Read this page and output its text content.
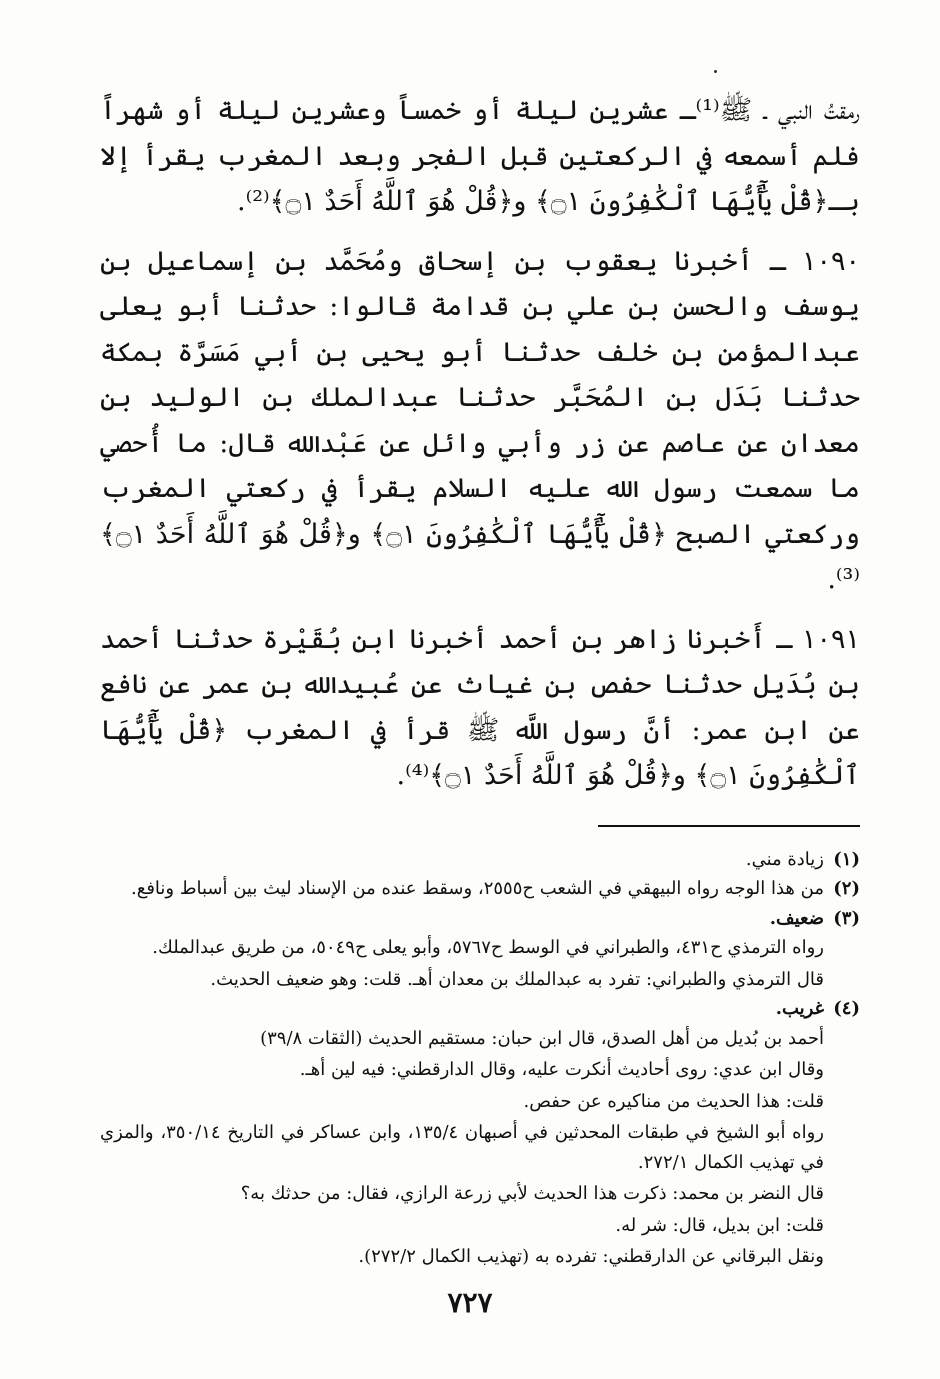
رمقتُ النبي ـ ﷺ⁽¹⁾ـ عشرين ليلة أو خمساً وعشرين ليلة أو شهراً فلم أسمعه في الركعتين قبل الفجر وبعد المغرب يقرأ إلا بـ﴿قُلْ يَٰٓأَيُّهَا ٱلْكَٰفِرُونَ ۝١﴾ و﴿قُلْ هُوَ ٱللَّهُ أَحَدٌ ۝١﴾⁽²⁾.

١٠٩٠ ـ أخبرنا يعقوب بن إسحاق ومُحَمَّد بن إسماعيل بن يوسف والحسن بن علي بن قدامة قالوا: حدثنا أبو يعلى عبدالمؤمن بن خلف حدثنا أبو يحيى بن أبي مَسَرَّة بمكة حدثنا بَدَل بن المُحَبَّر حدثنا عبدالملك بن الوليد بن معدان عن عاصم عن زر وأبي وائل عن عَبْدالله قال: ما أُحصي ما سمعت رسول الله عليه السلام يقرأ في ركعتي المغرب وركعتي الصبح ﴿قُلْ يَٰٓأَيُّهَا ٱلْكَٰفِرُونَ ۝١﴾ و﴿قُلْ هُوَ ٱللَّهُ أَحَدٌ ۝١﴾⁽³⁾.

١٠٩١ ـ أَخبرنا زاهر بن أحمد أخبرنا ابن بُقَيْرة حدثنا أحمد بن بُدَيل حدثنا حفص بن غياث عن عُبيدالله بن عمر عن نافع عن ابن عمر: أنَّ رسول اللَّه ﷺ قرأ في المغرب ﴿قُلْ يَٰٓأَيُّهَا ٱلْكَٰفِرُونَ ۝١﴾ و﴿قُلْ هُوَ ٱللَّهُ أَحَدٌ ۝١﴾⁽⁴⁾.

(١)

زيادة مني.

(٢)

من هذا الوجه رواه البيهقي في الشعب ح٢٥٥٥، وسقط عنده من الإسناد ليث بين أسباط ونافع.

(٣)

ضعيف.

رواه الترمذي ح٤٣١، والطبراني في الوسط ح٥٧٦٧، وأبو يعلى ح٥٠٤٩، من طريق عبدالملك.

قال الترمذي والطبراني: تفرد به عبدالملك بن معدان أهـ. قلت: وهو ضعيف الحديث.

(٤)

غريب.

أحمد بن بُديل من أهل الصدق، قال ابن حبان: مستقيم الحديث (الثقات ٣٩/٨)

وقال ابن عدي: روى أحاديث أنكرت عليه، وقال الدارقطني: فيه لين أهـ.

قلت: هذا الحديث من مناكيره عن حفص.

رواه أبو الشيخ في طبقات المحدثين في أصبهان ١٣٥/٤، وابن عساكر في التاريخ ٣٥٠/١٤، والمزي في تهذيب الكمال ٢٧٢/١.

قال النضر بن محمد: ذكرت هذا الحديث لأبي زرعة الرازي، فقال: من حدثك به؟

قلت: ابن بديل، قال: شر له.

ونقل البرقاني عن الدارقطني: تفرده به (تهذيب الكمال ٢٧٢/٢).

٧٢٧
